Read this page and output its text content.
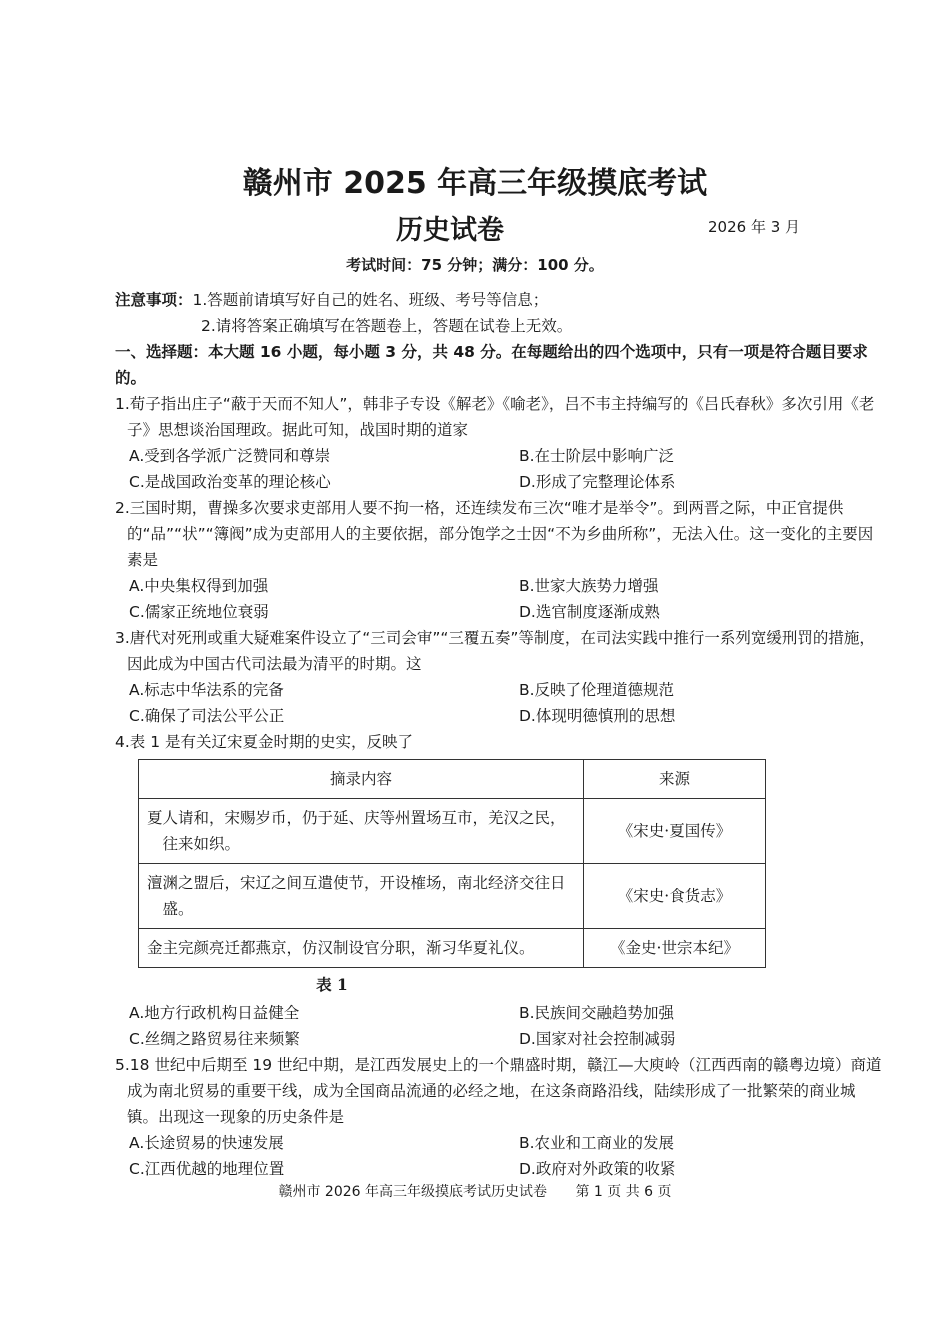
赣州市 2025 年高三年级摸底考试
历史试卷	2026 年 3 月
考试时间：75 分钟；满分：100 分。
注意事项： 1.答题前请填写好自己的姓名、班级、考号等信息；
2.请将答案正确填写在答题卷上，答题在试卷上无效。
一、选择题：本大题 16 小题，每小题 3 分，共 48 分。在每题给出的四个选项中，只有一项是符合题目要求的。
1.荀子指出庄子“蔽于天而不知人”，韩非子专设《解老》《喻老》，吕不韦主持编写的《吕氏春秋》多次引用《老子》思想谈治国理政。据此可知，战国时期的道家
A.受到各学派广泛赞同和尊崇	B.在士阶层中影响广泛
C.是战国政治变革的理论核心	D.形成了完整理论体系
2.三国时期，曹操多次要求吏部用人要不拘一格，还连续发布三次“唯才是举令”。到两晋之际，中正官提供的“品”“状”“簿阀”成为吏部用人的主要依据，部分饱学之士因“不为乡曲所称”，无法入仕。这一变化的主要因素是
A.中央集权得到加强	B.世家大族势力增强
C.儒家正统地位衰弱	D.选官制度逐渐成熟
3.唐代对死刑或重大疑难案件设立了“三司会审”“三覆五奏”等制度，在司法实践中推行一系列宽缓刑罚的措施，因此成为中国古代司法最为清平的时期。这
A.标志中华法系的完备	B.反映了伦理道德规范
C.确保了司法公平公正	D.体现明德慎刑的思想
4.表 1 是有关辽宋夏金时期的史实，反映了
摘录内容	来源

夏人请和，宋赐岁币，仍于延、庆等州置场互市，羌汉之民，往来如织。	《宋史·夏国传》

澶渊之盟后，宋辽之间互遣使节，开设榷场，南北经济交往日盛。	《宋史·食货志》

金主完颜亮迁都燕京，仿汉制设官分职，渐习华夏礼仪。	《金史·世宗本纪》
表 1
A.地方行政机构日益健全	B.民族间交融趋势加强
C.丝绸之路贸易往来频繁	D.国家对社会控制减弱
5.18 世纪中后期至 19 世纪中期，是江西发展史上的一个鼎盛时期，赣江—大庾岭（江西西南的赣粤边境）商道成为南北贸易的重要干线，成为全国商品流通的必经之地，在这条商路沿线，陆续形成了一批繁荣的商业城镇。出现这一现象的历史条件是
A.长途贸易的快速发展	B.农业和工商业的发展
C.江西优越的地理位置	D.政府对外政策的收紧
赣州市 2026 年高三年级摸底考试历史试卷 第 1 页 共 6 页
